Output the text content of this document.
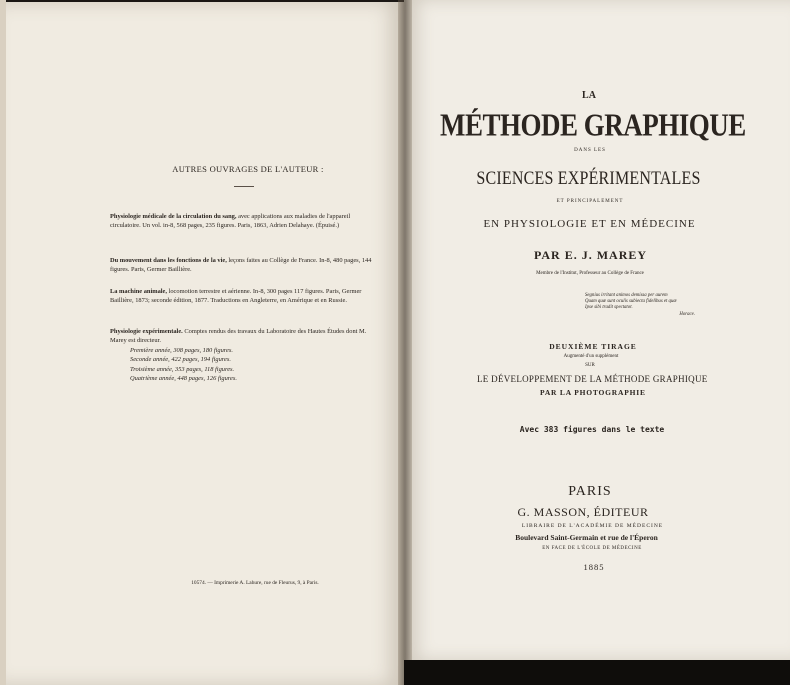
AUTRES OUVRAGES DE L'AUTEUR :
Physiologie médicale de la circulation du sang, avec applications aux maladies de l'appareil circulatoire. Un vol. in-8, 568 pages, 235 figures. Paris, 1863, Adrien Delahaye. (Épuisé.)
Du mouvement dans les fonctions de la vie, leçons faites au Collège de France. In-8, 480 pages, 144 figures. Paris, Germer Baillière.
La machine animale, locomotion terrestre et aérienne. In-8, 300 pages 117 figures. Paris, Germer Baillière, 1873; seconde édition, 1877. Traductions en Angleterre, en Amérique et en Russie.
Physiologie expérimentale. Comptes rendus des travaux du Laboratoire des Hautes Études dont M. Marey est directeur.
Première année, 308 pages, 180 figures.
Seconde année, 422 pages, 194 figures.
Troisième année, 353 pages, 118 figures.
Quatrième année, 448 pages, 126 figures.
10574. — Imprimerie A. Lahure, rue de Fleurus, 9, à Paris.
LA
MÉTHODE GRAPHIQUE
DANS LES
SCIENCES EXPÉRIMENTALES
ET PRINCIPALEMENT
EN PHYSIOLOGIE ET EN MÉDECINE
PAR E. J. MAREY
Membre de l'Institut, Professeur au Collège de France
Segnius irritant animos demissa per aurem
Quam quæ sunt oculis subiecta fidelibus et quæ
Ipse sibi tradit spectator.
Horace.
DEUXIÈME TIRAGE
Augmenté d'un supplément
SUR
LE DÉVELOPPEMENT DE LA MÉTHODE GRAPHIQUE
PAR LA PHOTOGRAPHIE
Avec 383 figures dans le texte
PARIS
G. MASSON, ÉDITEUR
LIBRAIRE DE L'ACADÉMIE DE MÉDECINE
Boulevard Saint-Germain et rue de l'Éperon
EN FACE DE L'ÉCOLE DE MÉDECINE
1885
